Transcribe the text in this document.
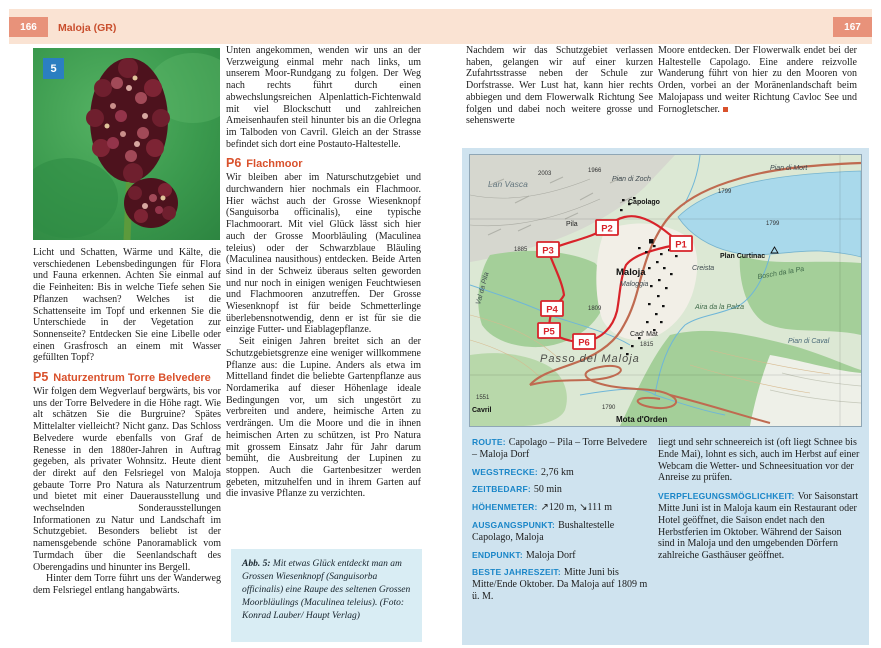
166	Maloja (GR)	167
5

Licht und Schatten, Wärme und Kälte, die verschiedenen Lebensbedingungen für Flora und Fauna erkennen. Achten Sie einmal auf die Feinheiten: Bis in welche Tiefe sehen Sie Pflanzen wachsen? Welches ist die Schattenseite im Topf und erkennen Sie die Unterschiede in der Vegetation zur Sonnenseite? Entdecken Sie eine Libelle oder einen Grasfrosch an einem mit Wasser gefüllten Topf?

P5 Naturzentrum Torre Belvedere

Wir folgen dem Wegverlauf bergwärts, bis vor uns der Torre Belvedere in die Höhe ragt. Wie alt schätzen Sie die Burgruine? Spätes Mittelalter vielleicht? Nicht ganz. Das Schloss Belvedere wurde ebenfalls von Graf de Renesse in den 1880er-Jahren in Auftrag gegeben, als privater Wohnsitz. Heute dient der direkt auf den Felsriegel von Maloja gebaute Torre Pro Natura als Naturzentrum und bietet mit einer Dauerausstellung und wechselnden Sonderausstellungen Informationen zu Natur und Landschaft im Schutzgebiet. Besonders beliebt ist der namensgebende schöne Panoramablick vom Turmdach über die Seenlandschaft des Oberengadins und hinunter ins Bergell.

Hinter dem Torre führt uns der Wanderweg dem Felsriegel entlang hangabwärts.

Unten angekommen, wenden wir uns an der Verzweigung einmal mehr nach links, um unserem Moor-Rundgang zu folgen. Der Weg nach rechts führt durch einen abwechslungsreichen Alpenlattich-Fichtenwald mit viel Blockschutt und zahlreichen Ameisenhaufen steil hinunter bis an die Orlegna im Talboden von Cavril. Gleich an der Strasse befindet sich dort eine Postauto-Haltestelle.

P6 Flachmoor

Wir bleiben aber im Naturschutzgebiet und durchwandern hier nochmals ein Flachmoor. Hier wächst auch der Grosse Wiesenknopf (Sanguisorba officinalis), eine typische Flachmoorart. Mit viel Glück lässt sich hier auch der Grosse Moorbläuling (Maculinea teleius) oder der Schwarzblaue Bläuling (Maculinea nausithous) entdecken. Beide Arten sind in der Schweiz überaus selten geworden und nur noch in einigen wenigen Feuchtwiesen und Flachmooren anzutreffen. Der Grosse Wiesenknopf ist für beide Schmetterlinge überlebensnotwendig, denn er ist für sie die einzige Futter- und Eiablagepflanze.

Seit einigen Jahren breitet sich an der Schutzgebietsgrenze eine weniger willkommene Pflanze aus: die Lupine. Anders als etwa im Mittelland findet die beliebte Gartenpflanze aus Nordamerika auf dieser Höhenlage ideale Bedingungen vor, um sich ungestört zu verbreiten und andere, heimische Arten zu verdrängen. Um die Moore und die in ihnen heimischen Arten zu schützen, ist Pro Natura mit grossem Einsatz Jahr für Jahr darum bemüht, die Ausbreitung der Lupinen zu stoppen. Auch die Gartenbesitzer werden gebeten, mitzuhelfen und in ihrem Garten auf die invasive Pflanze zu verzichten.

Abb. 5: Mit etwas Glück entdeckt man am Grossen Wiesenknopf (Sanguisorba officinalis) eine Raupe des seltenen Grossen Moorbläulings (Maculinea teleius). (Foto: Konrad Lauber/ Haupt Verlag)

Nachdem wir das Schutzgebiet verlassen haben, gelangen wir auf einer kurzen Zufahrtsstrasse neben der Schule zur Dorfstrasse. Wer Lust hat, kann hier rechts abbiegen und dem Flowerwalk Richtung See folgen und dabei noch weitere grosse und sehenswerte

Moore entdecken. Der Flowerwalk endet bei der Haltestelle Capolago. Eine andere reizvolle Wanderung führt von hier zu den Mooren von Orden, vorbei an der Moränenlandschaft beim Malojapass und weiter Richtung Cavloc See und Fornogletscher.

Lan Vasca
2003	1966
Pian di Zoch
Capolago
Pila
Maloja
Maloggia
Pian di Mort
1799
1799
Plan Curtinac
Creista	Bosch da la Pa
Passo del Maloja
1809
Cad' Mat
1815
Aira da la Palza
Pian di Caval
Mota d'Orden
1790
Cavril
1551
Val da Pila
1885	P1
P2
P3
P4
P5
P6
ROUTE: Capolago – Pila – Torre Belvedere – Maloja Dorf
WEGSTRECKE: 2,76 km
ZEITBEDARF: 50 min
HÖHENMETER: ↗120 m, ↘111 m
AUSGANGSPUNKT: Bushaltestelle Capolago, Maloja
ENDPUNKT: Maloja Dorf
BESTE JAHRESZEIT: Mitte Juni bis Mitte/Ende Oktober. Da Maloja auf 1809 m ü. M.

liegt und sehr schneereich ist (oft liegt Schnee bis Ende Mai), lohnt es sich, auch im Herbst auf einer Webcam die Wetter- und Schneesituation vor der Anreise zu prüfen.

VERPFLEGUNGSMÖGLICHKEIT: Vor Saisonstart Mitte Juni ist in Maloja kaum ein Restaurant oder Hotel geöffnet, die Saison endet nach den Herbstferien im Oktober. Während der Saison sind in Maloja und den umgebenden Dörfern zahlreiche Gasthäuser geöffnet.
